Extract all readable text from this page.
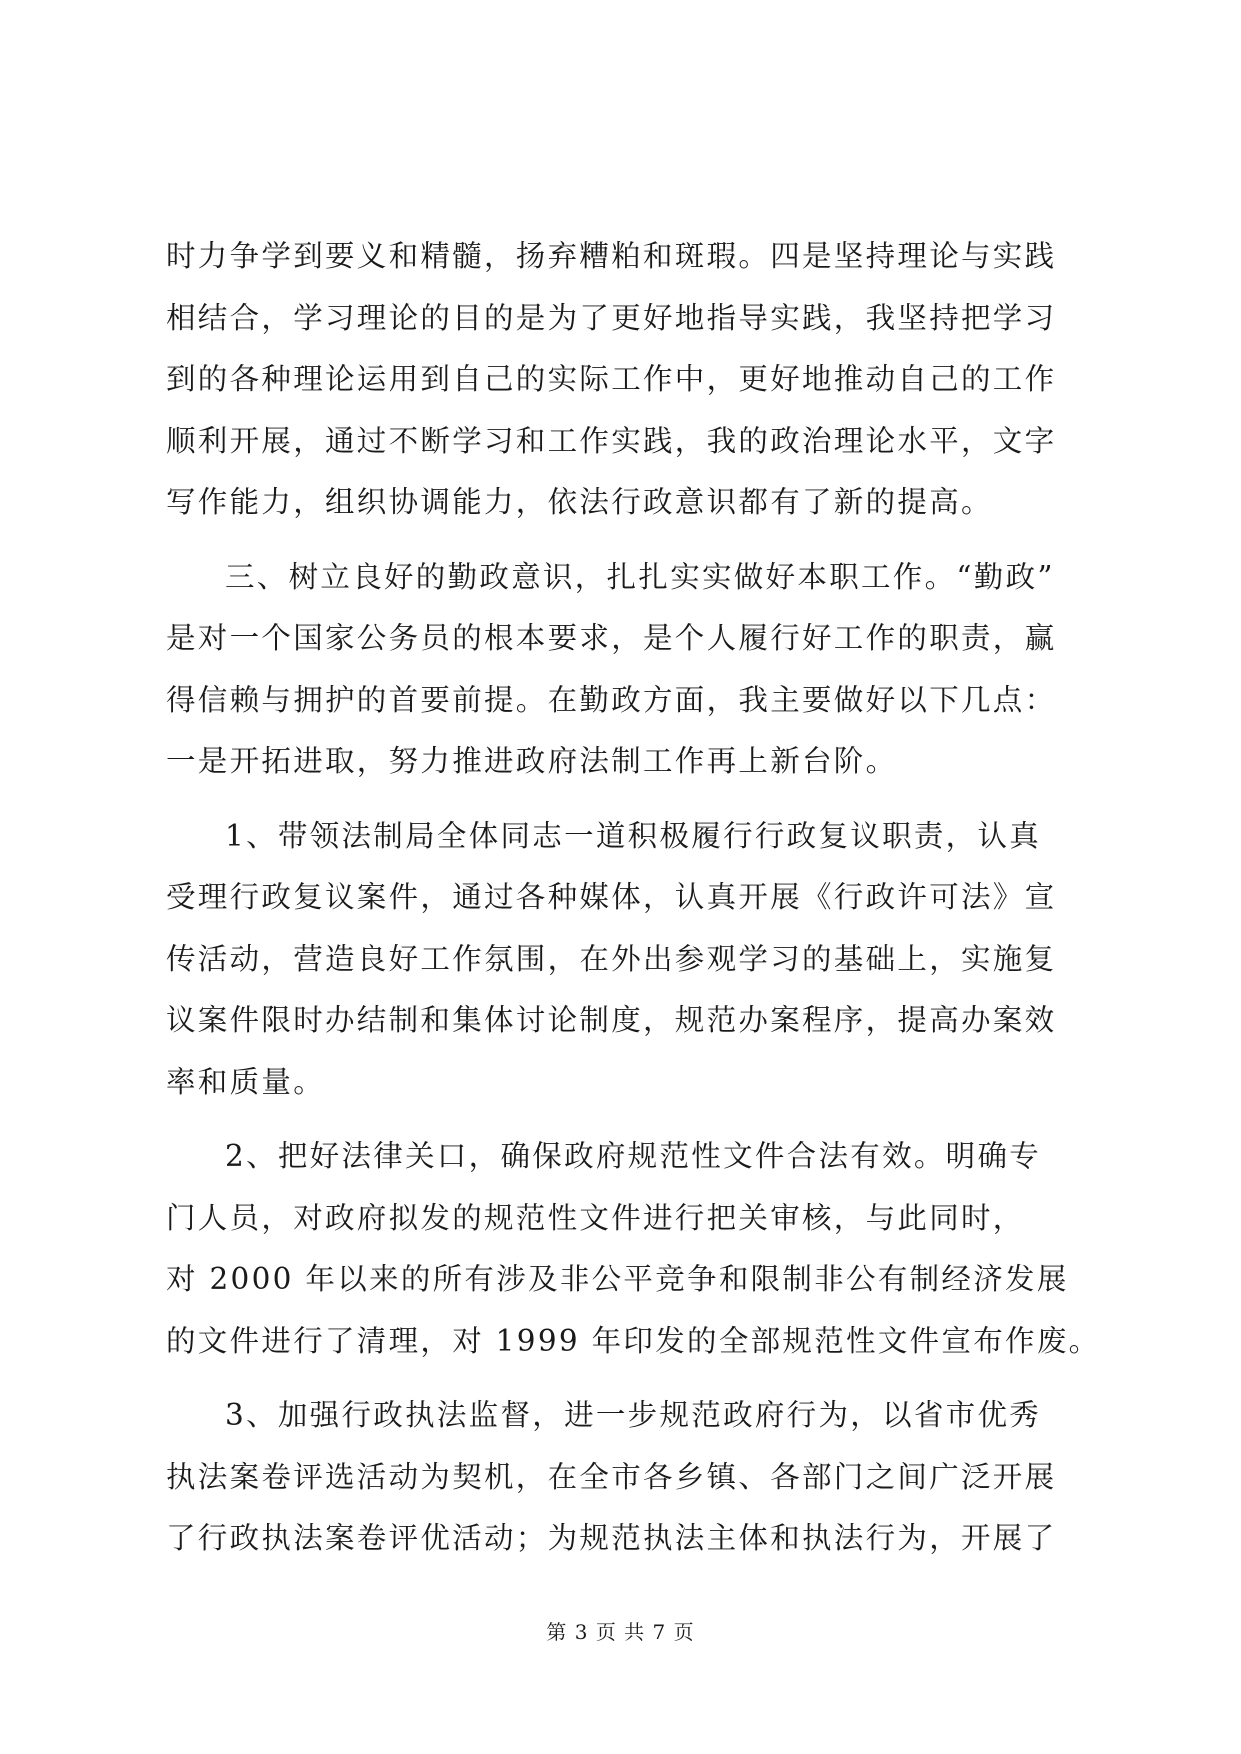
时力争学到要义和精髓，扬弃糟粕和斑瑕。四是坚持理论与实践
相结合，学习理论的目的是为了更好地指导实践，我坚持把学习
到的各种理论运用到自己的实际工作中，更好地推动自己的工作
顺利开展，通过不断学习和工作实践，我的政治理论水平，文字
写作能力，组织协调能力，依法行政意识都有了新的提高。
三、树立良好的勤政意识，扎扎实实做好本职工作。“勤政”
是对一个国家公务员的根本要求，是个人履行好工作的职责，赢
得信赖与拥护的首要前提。在勤政方面，我主要做好以下几点：
一是开拓进取，努力推进政府法制工作再上新台阶。
1、带领法制局全体同志一道积极履行行政复议职责，认真
受理行政复议案件，通过各种媒体，认真开展《行政许可法》宣
传活动，营造良好工作氛围，在外出参观学习的基础上，实施复
议案件限时办结制和集体讨论制度，规范办案程序，提高办案效
率和质量。
2、把好法律关口，确保政府规范性文件合法有效。明确专
门人员，对政府拟发的规范性文件进行把关审核，与此同时，
对 2000 年以来的所有涉及非公平竞争和限制非公有制经济发展
的文件进行了清理，对 1999 年印发的全部规范性文件宣布作废。
3、加强行政执法监督，进一步规范政府行为，以省市优秀
执法案卷评选活动为契机，在全市各乡镇、各部门之间广泛开展
了行政执法案卷评优活动；为规范执法主体和执法行为，开展了
第 3 页 共 7 页
